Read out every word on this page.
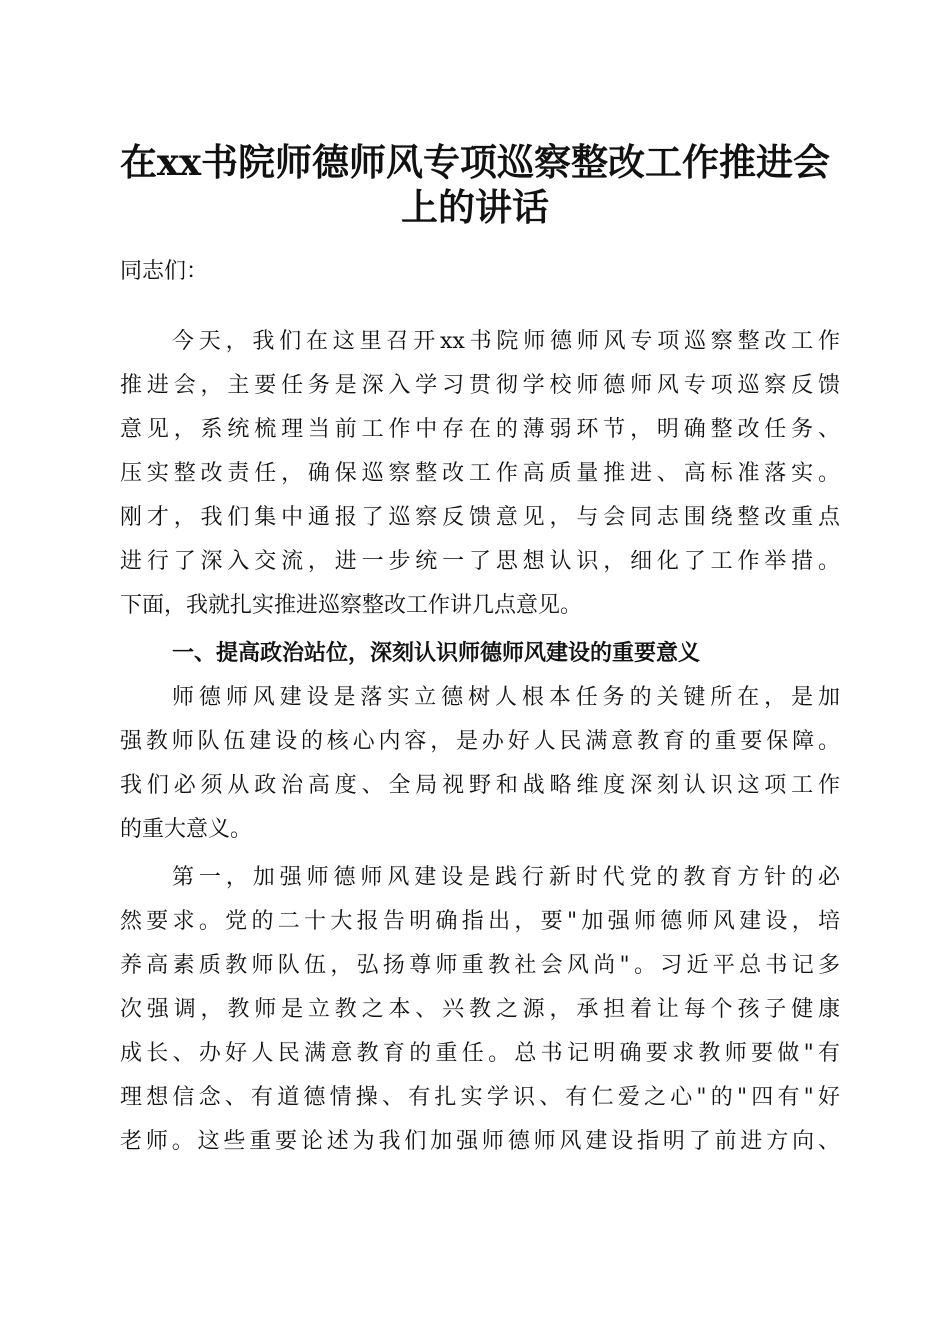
在xx书院师德师风专项巡察整改工作推进会
上的讲话
同志们：
今天，我们在这里召开xx书院师德师风专项巡察整改工作
推进会，主要任务是深入学习贯彻学校师德师风专项巡察反馈
意见，系统梳理当前工作中存在的薄弱环节，明确整改任务、
压实整改责任，确保巡察整改工作高质量推进、高标准落实。
刚才，我们集中通报了巡察反馈意见，与会同志围绕整改重点
进行了深入交流，进一步统一了思想认识，细化了工作举措。
下面，我就扎实推进巡察整改工作讲几点意见。
一、提高政治站位，深刻认识师德师风建设的重要意义
师德师风建设是落实立德树人根本任务的关键所在，是加
强教师队伍建设的核心内容，是办好人民满意教育的重要保障。
我们必须从政治高度、全局视野和战略维度深刻认识这项工作
的重大意义。
第一，加强师德师风建设是践行新时代党的教育方针的必
然要求。党的二十大报告明确指出，要"加强师德师风建设，培
养高素质教师队伍，弘扬尊师重教社会风尚"。习近平总书记多
次强调，教师是立教之本、兴教之源，承担着让每个孩子健康
成长、办好人民满意教育的重任。总书记明确要求教师要做"有
理想信念、有道德情操、有扎实学识、有仁爱之心"的"四有"好
老师。这些重要论述为我们加强师德师风建设指明了前进方向、
